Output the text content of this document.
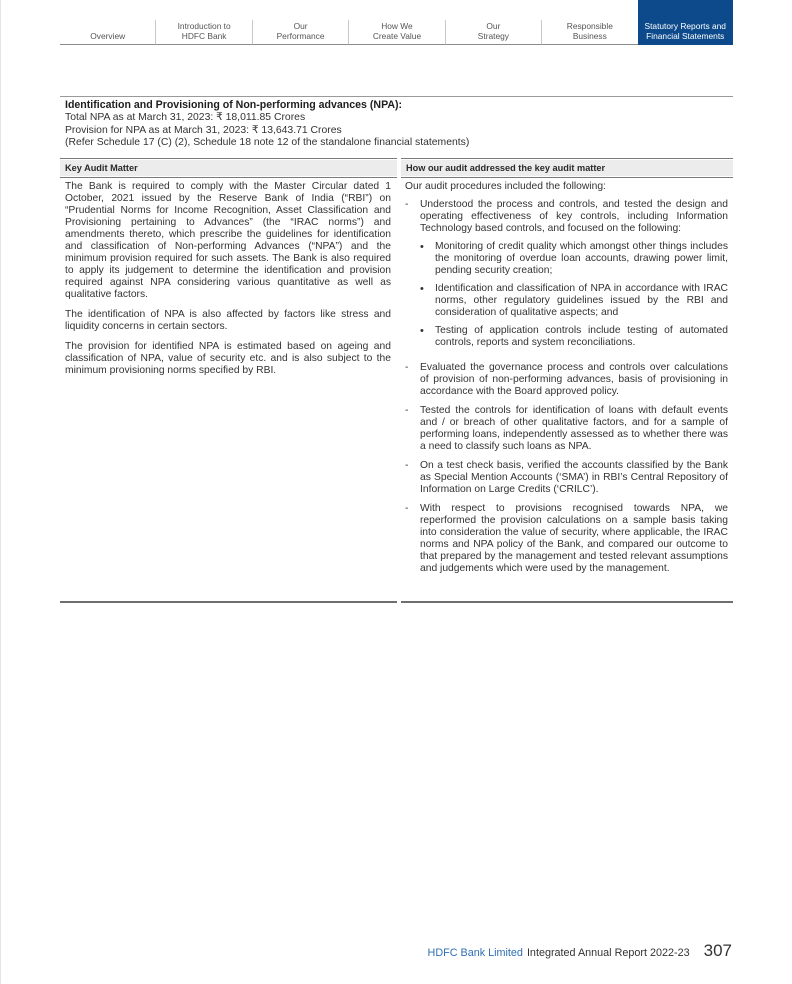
Overview
Introduction to
HDFC Bank
Our
Performance
How We
Create Value
Our
Strategy
Responsible
Business
Statutory Reports and
Financial Statements
Identification and Provisioning of Non-performing advances (NPA):
Total NPA as at March 31, 2023: ₹ 18,011.85 Crores
Provision for NPA as at March 31, 2023: ₹ 13,643.71 Crores
(Refer Schedule 17 (C) (2), Schedule 18 note 12 of the standalone financial statements)
Key Audit Matter	How our audit addressed the key audit matter

The Bank is required to comply with the Master Circular dated 1 October, 2021 issued by the Reserve Bank of India (“RBI”) on “Prudential Norms for Income Recognition, Asset Classification and Provisioning pertaining to Advances” (the “IRAC norms”) and amendments thereto, which prescribe the guidelines for identification and classification of Non-performing Advances (“NPA”) and the minimum provision required for such assets. The Bank is also required to apply its judgement to determine the identification and provision required against NPA considering various quantitative as well as qualitative factors.

The identification of NPA is also affected by factors like stress and liquidity concerns in certain sectors.

The provision for identified NPA is estimated based on ageing and classification of NPA, value of security etc. and is also subject to the minimum provisioning norms specified by RBI.

Our audit procedures included the following:
-	Understood the process and controls, and tested the design and operating effectiveness of key controls, including Information Technology based controls, and focused on the following:
•	Monitoring of credit quality which amongst other things includes the monitoring of overdue loan accounts, drawing power limit, pending security creation;
•	Identification and classification of NPA in accordance with IRAC norms, other regulatory guidelines issued by the RBI and consideration of qualitative aspects; and
•	Testing of application controls include testing of automated controls, reports and system reconciliations.
-	Evaluated the governance process and controls over calculations of provision of non-performing advances, basis of provisioning in accordance with the Board approved policy.
-	Tested the controls for identification of loans with default events and / or breach of other qualitative factors, and for a sample of performing loans, independently assessed as to whether there was a need to classify such loans as NPA.
-	On a test check basis, verified the accounts classified by the Bank as Special Mention Accounts (‘SMA’) in RBI’s Central Repository of Information on Large Credits (‘CRILC’).
-	With respect to provisions recognised towards NPA, we reperformed the provision calculations on a sample basis taking into consideration the value of security, where applicable, the IRAC norms and NPA policy of the Bank, and compared our outcome to that prepared by the management and tested relevant assumptions and judgements which were used by the management.
HDFC Bank Limited Integrated Annual Report 2022-23 307
